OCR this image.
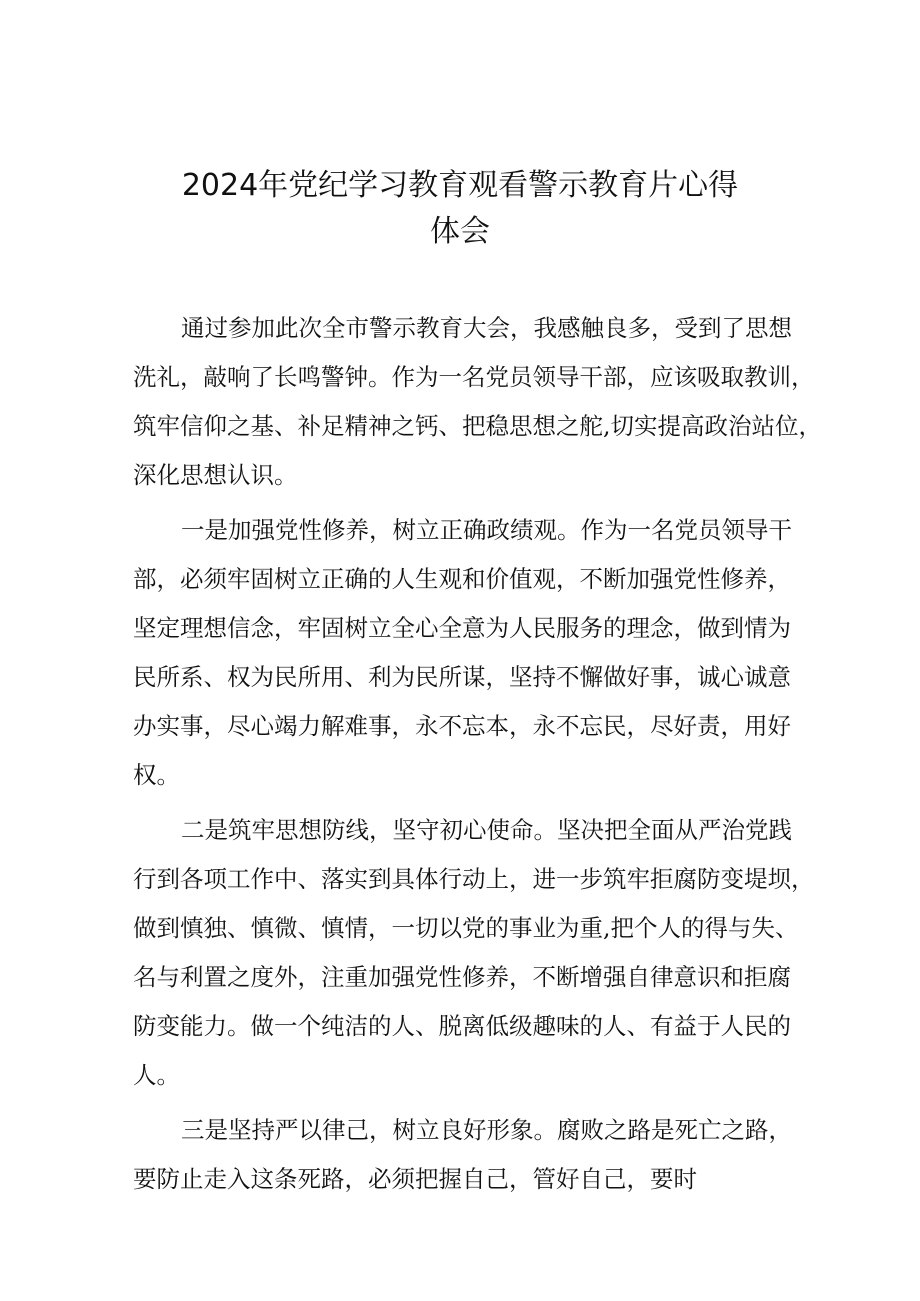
2024年党纪学习教育观看警示教育片心得
体会

通过参加此次全市警示教育大会，我感触良多，受到了思想
洗礼，敲响了长鸣警钟。作为一名党员领导干部，应该吸取教训，
筑牢信仰之基、补足精神之钙、把稳思想之舵,切实提高政治站位，
深化思想认识。

一是加强党性修养，树立正确政绩观。作为一名党员领导干
部，必须牢固树立正确的人生观和价值观，不断加强党性修养，
坚定理想信念，牢固树立全心全意为人民服务的理念，做到情为
民所系、权为民所用、利为民所谋，坚持不懈做好事，诚心诚意
办实事，尽心竭力解难事，永不忘本，永不忘民，尽好责，用好
权。

二是筑牢思想防线，坚守初心使命。坚决把全面从严治党践
行到各项工作中、落实到具体行动上，进一步筑牢拒腐防变堤坝，
做到慎独、慎微、慎情，一切以党的事业为重,把个人的得与失、
名与利置之度外，注重加强党性修养，不断增强自律意识和拒腐
防变能力。做一个纯洁的人、脱离低级趣味的人、有益于人民的
人。

三是坚持严以律己，树立良好形象。腐败之路是死亡之路，
要防止走入这条死路，必须把握自己，管好自己，要时
